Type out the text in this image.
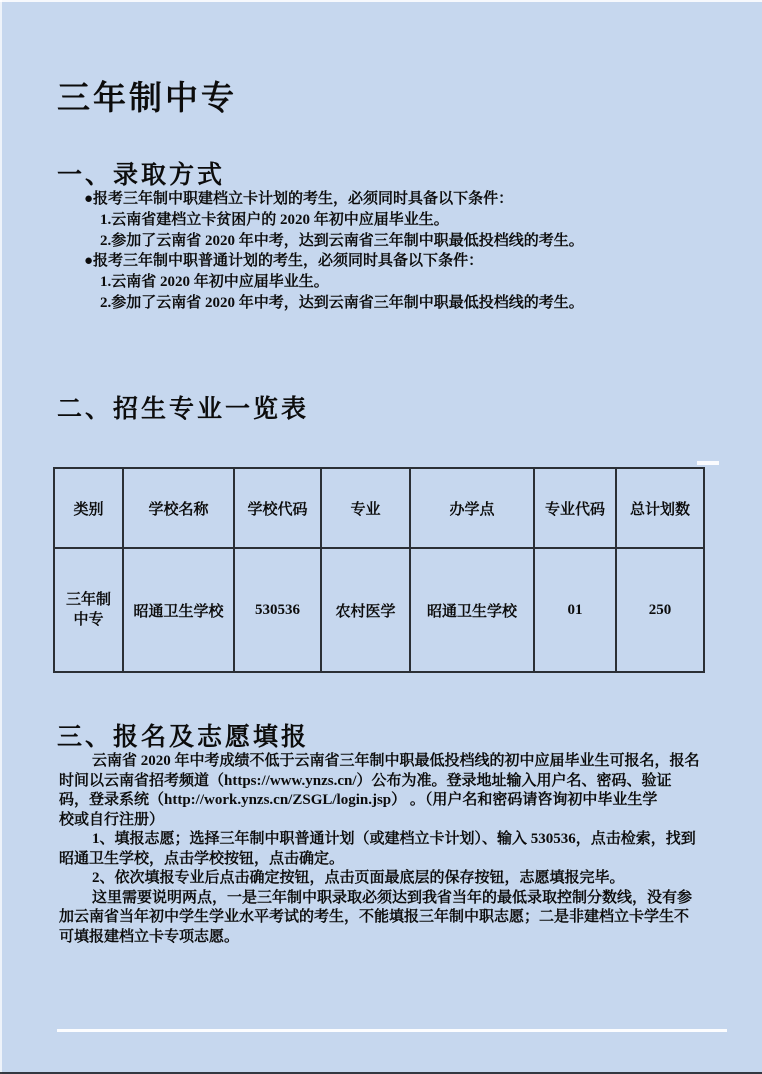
三年制中专
一、录取方式
●报考三年制中职建档立卡计划的考生，必须同时具备以下条件：
1.云南省建档立卡贫困户的 2020 年初中应届毕业生。
2.参加了云南省 2020 年中考，达到云南省三年制中职最低投档线的考生。
●报考三年制中职普通计划的考生，必须同时具备以下条件：
1.云南省 2020 年初中应届毕业生。
2.参加了云南省 2020 年中考，达到云南省三年制中职最低投档线的考生。
二、招生专业一览表
类别	学校名称	学校代码	专业	办学点	专业代码	总计划数
三年制中专	昭通卫生学校	530536	农村医学	昭通卫生学校	01	250
三、报名及志愿填报
云南省 2020 年中考成绩不低于云南省三年制中职最低投档线的初中应届毕业生可报名，报名
时间以云南省招考频道（https://www.ynzs.cn/）公布为准。登录地址输入用户名、密码、验证
码，登录系统（http://work.ynzs.cn/ZSGL/login.jsp） 。（用户名和密码请咨询初中毕业生学
校或自行注册）
1、填报志愿；选择三年制中职普通计划（或建档立卡计划）、输入 530536，点击检索，找到
昭通卫生学校，点击学校按钮，点击确定。
2、依次填报专业后点击确定按钮，点击页面最底层的保存按钮，志愿填报完毕。
这里需要说明两点，一是三年制中职录取必须达到我省当年的最低录取控制分数线，没有参
加云南省当年初中学生学业水平考试的考生，不能填报三年制中职志愿；二是非建档立卡学生不
可填报建档立卡专项志愿。
